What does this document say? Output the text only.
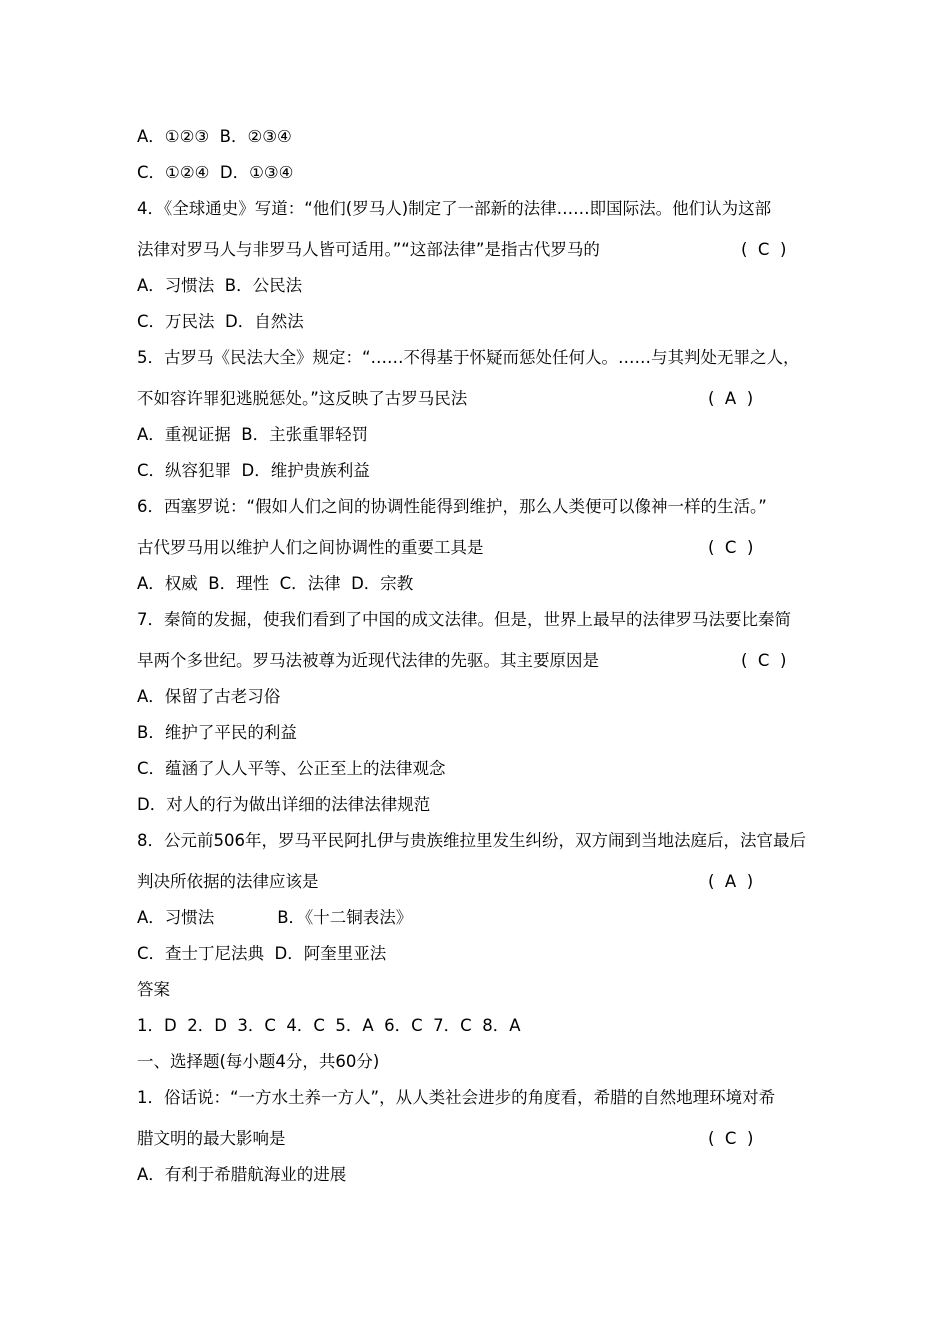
A．①②③  B．②③④
C．①②④  D．①③④
4．《全球通史》写道：“他们(罗马人)制定了一部新的法律……即国际法。他们认为这部
法律对罗马人与非罗马人皆可适用。”“这部法律”是指古代罗马的	(  C  )
A．习惯法  B．公民法
C．万民法  D．自然法
5．古罗马《民法大全》规定：“……不得基于怀疑而惩处任何人。……与其判处无罪之人，
不如容许罪犯逃脱惩处。”这反映了古罗马民法	(  A  )
A．重视证据  B．主张重罪轻罚
C．纵容犯罪  D．维护贵族利益
6．西塞罗说：“假如人们之间的协调性能得到维护，那么人类便可以像神一样的生活。”
古代罗马用以维护人们之间协调性的重要工具是	(  C  )
A．权威  B．理性  C．法律  D．宗教
7．秦简的发掘，使我们看到了中国的成文法律。但是，世界上最早的法律罗马法要比秦简
早两个多世纪。罗马法被尊为近现代法律的先驱。其主要原因是	(  C  )
A．保留了古老习俗
B．维护了平民的利益
C．蕴涵了人人平等、公正至上的法律观念
D．对人的行为做出详细的法律法律规范
8．公元前506年，罗马平民阿扎伊与贵族维拉里发生纠纷，双方闹到当地法庭后，法官最后
判决所依据的法律应该是	(  A  )
A．习惯法            B．《十二铜表法》
C．查士丁尼法典  D．阿奎里亚法
答案
1．D  2．D  3．C  4．C  5．A  6．C  7．C  8．A
一、选择题(每小题4分，共60分)
1．俗话说：“一方水土养一方人”，从人类社会进步的角度看，希腊的自然地理环境对希
腊文明的最大影响是	(  C  )
A．有利于希腊航海业的进展
